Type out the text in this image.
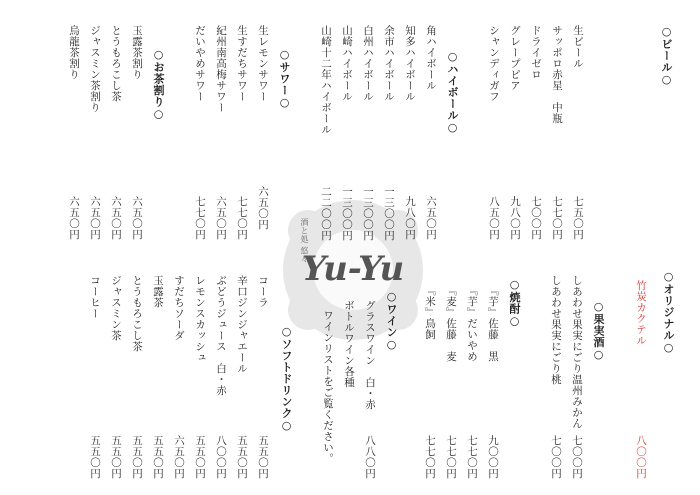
Yu-Yu
酒と処 悠々
○ビール○
生ビール
七五〇円
サッポロ赤星　中瓶
七七〇円
ドライゼロ
七〇〇円
グレープピア
九八〇円
シャンディガフ
八五〇円
○ハイボール○
角ハイボール
六五〇円
知多ハイボール
九八〇円
余市ハイボール
一三〇〇円
白州ハイボール
一三〇〇円
山崎ハイボール
一三〇〇円
山崎十二年ハイボール
二二〇〇円
○サワー○
生レモンサワー
六五〇円
生すだちサワー
七七〇円
紀州南高梅サワー
六五〇円
だいやめサワー
七七〇円
○お茶割り○
玉露茶割り
六五〇円
とうもろこし茶
六五〇円
ジャスミン茶割り
六五〇円
烏龍茶割り
六五〇円
○オリジナル○
竹炭カクテル
八〇〇円
○果実酒○
しあわせ果実にごり温州みかん
七〇〇円
しあわせ果実にごり桃
七〇〇円
○焼酎○
『芋』佐藤　黒
九〇〇円
『芋』だいやめ
七七〇円
『麦』佐藤　麦
七七〇円
『米』鳥飼
七七〇円
○ワイン○
グラスワイン　白・赤
八八〇円
ボトルワイン各種
ワインリストをご覧ください。
○ソフトドリンク○
コーラ
五五〇円
辛口ジンジャエール
五五〇円
ぶどうジュース　白・赤
八〇〇円
レモンスカッシュ
五五〇円
すだちソーダ
六五〇円
玉露茶
五五〇円
とうもろこし茶
五五〇円
ジャスミン茶
五五〇円
コーヒー
五五〇円
